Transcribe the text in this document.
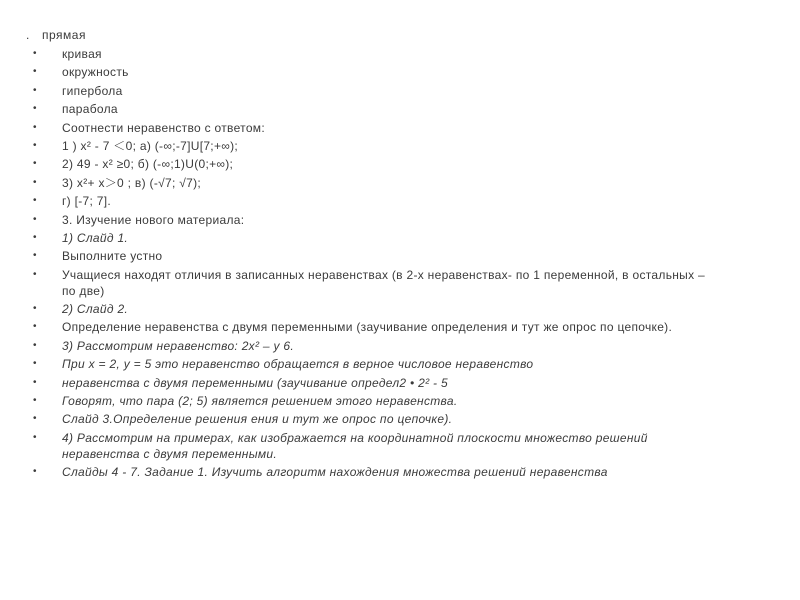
. прямая
• кривая
• окружность
• гипербола
• парабола
• Соотнести неравенство с ответом:
• 1 ) x² - 7 ＜0; а) (-∞;-7]U[7;+∞);
• 2) 49 - x² ≥0; б) (-∞;1)U(0;+∞);
• 3) x²+ x＞0 ; в) (-√7; √7);
• г) [-7; 7].
• 3. Изучение нового материала:
• 1) Слайд 1.
• Выполните устно
• Учащиеся находят отличия в записанных неравенствах (в 2-х неравенствах- по 1 переменной, в остальных – по две)
• 2) Слайд 2.
• Определение неравенства с двумя переменными (заучивание определения и тут же опрос по цепочке).
• 3) Рассмотрим неравенство: 2x² – y 6.
• При x = 2, y = 5 это неравенство обращается в верное числовое неравенство
• неравенства с двумя переменными (заучивание определ2 • 2² - 5
• Говорят, что пара (2; 5) является решением этого неравенства.
• Слайд 3.Определение решения ения и тут же опрос по цепочке).
• 4) Рассмотрим на примерах, как изображается на координатной плоскости множество решений неравенства с двумя переменными.
• Слайды 4 - 7. Задание 1. Изучить алгоритм нахождения множества решений неравенства
